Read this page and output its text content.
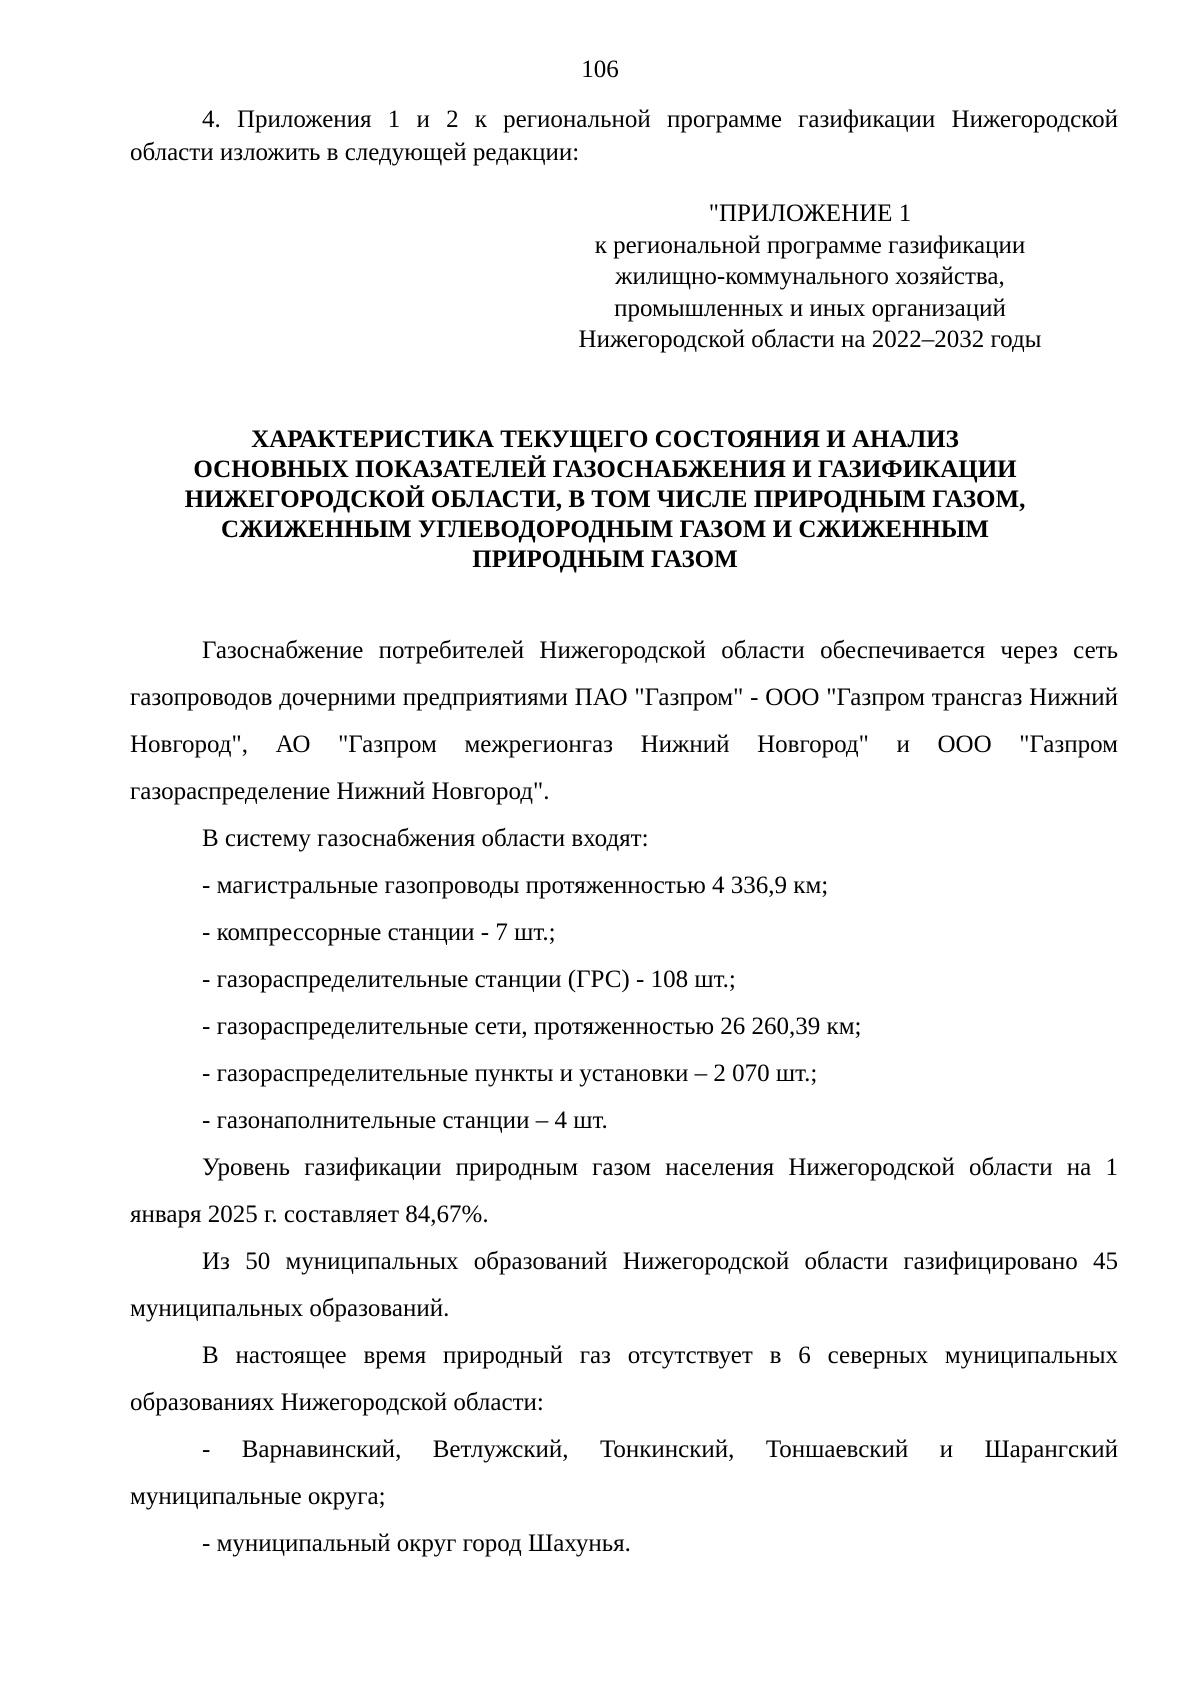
106
4. Приложения 1 и 2 к региональной программе газификации Нижегородской области изложить в следующей редакции:
"ПРИЛОЖЕНИЕ 1
к региональной программе газификации
жилищно-коммунального хозяйства,
промышленных и иных организаций
Нижегородской области на 2022–2032 годы
ХАРАКТЕРИСТИКА ТЕКУЩЕГО СОСТОЯНИЯ И АНАЛИЗ
ОСНОВНЫХ ПОКАЗАТЕЛЕЙ ГАЗОСНАБЖЕНИЯ И ГАЗИФИКАЦИИ
НИЖЕГОРОДСКОЙ ОБЛАСТИ, В ТОМ ЧИСЛЕ ПРИРОДНЫМ ГАЗОМ,
СЖИЖЕННЫМ УГЛЕВОДОРОДНЫМ ГАЗОМ И СЖИЖЕННЫМ
ПРИРОДНЫМ ГАЗОМ

Газоснабжение потребителей Нижегородской области обеспечивается через сеть газопроводов дочерними предприятиями ПАО "Газпром" - ООО "Газпром трансгаз Нижний Новгород", АО "Газпром межрегионгаз Нижний Новгород" и ООО "Газпром газораспределение Нижний Новгород".

В систему газоснабжения области входят:

- магистральные газопроводы протяженностью 4 336,9 км;

- компрессорные станции - 7 шт.;

- газораспределительные станции (ГРС) - 108 шт.;

- газораспределительные сети, протяженностью 26 260,39 км;

- газораспределительные пункты и установки – 2 070 шт.;

- газонаполнительные станции – 4 шт.

Уровень газификации природным газом населения Нижегородской области на 1 января 2025 г. составляет 84,67%.

Из 50 муниципальных образований Нижегородской области газифицировано 45 муниципальных образований.

В настоящее время природный газ отсутствует в 6 северных муниципальных образованиях Нижегородской области:

- Варнавинский, Ветлужский, Тонкинский, Тоншаевский и Шарангский муниципальные округа;

- муниципальный округ город Шахунья.
